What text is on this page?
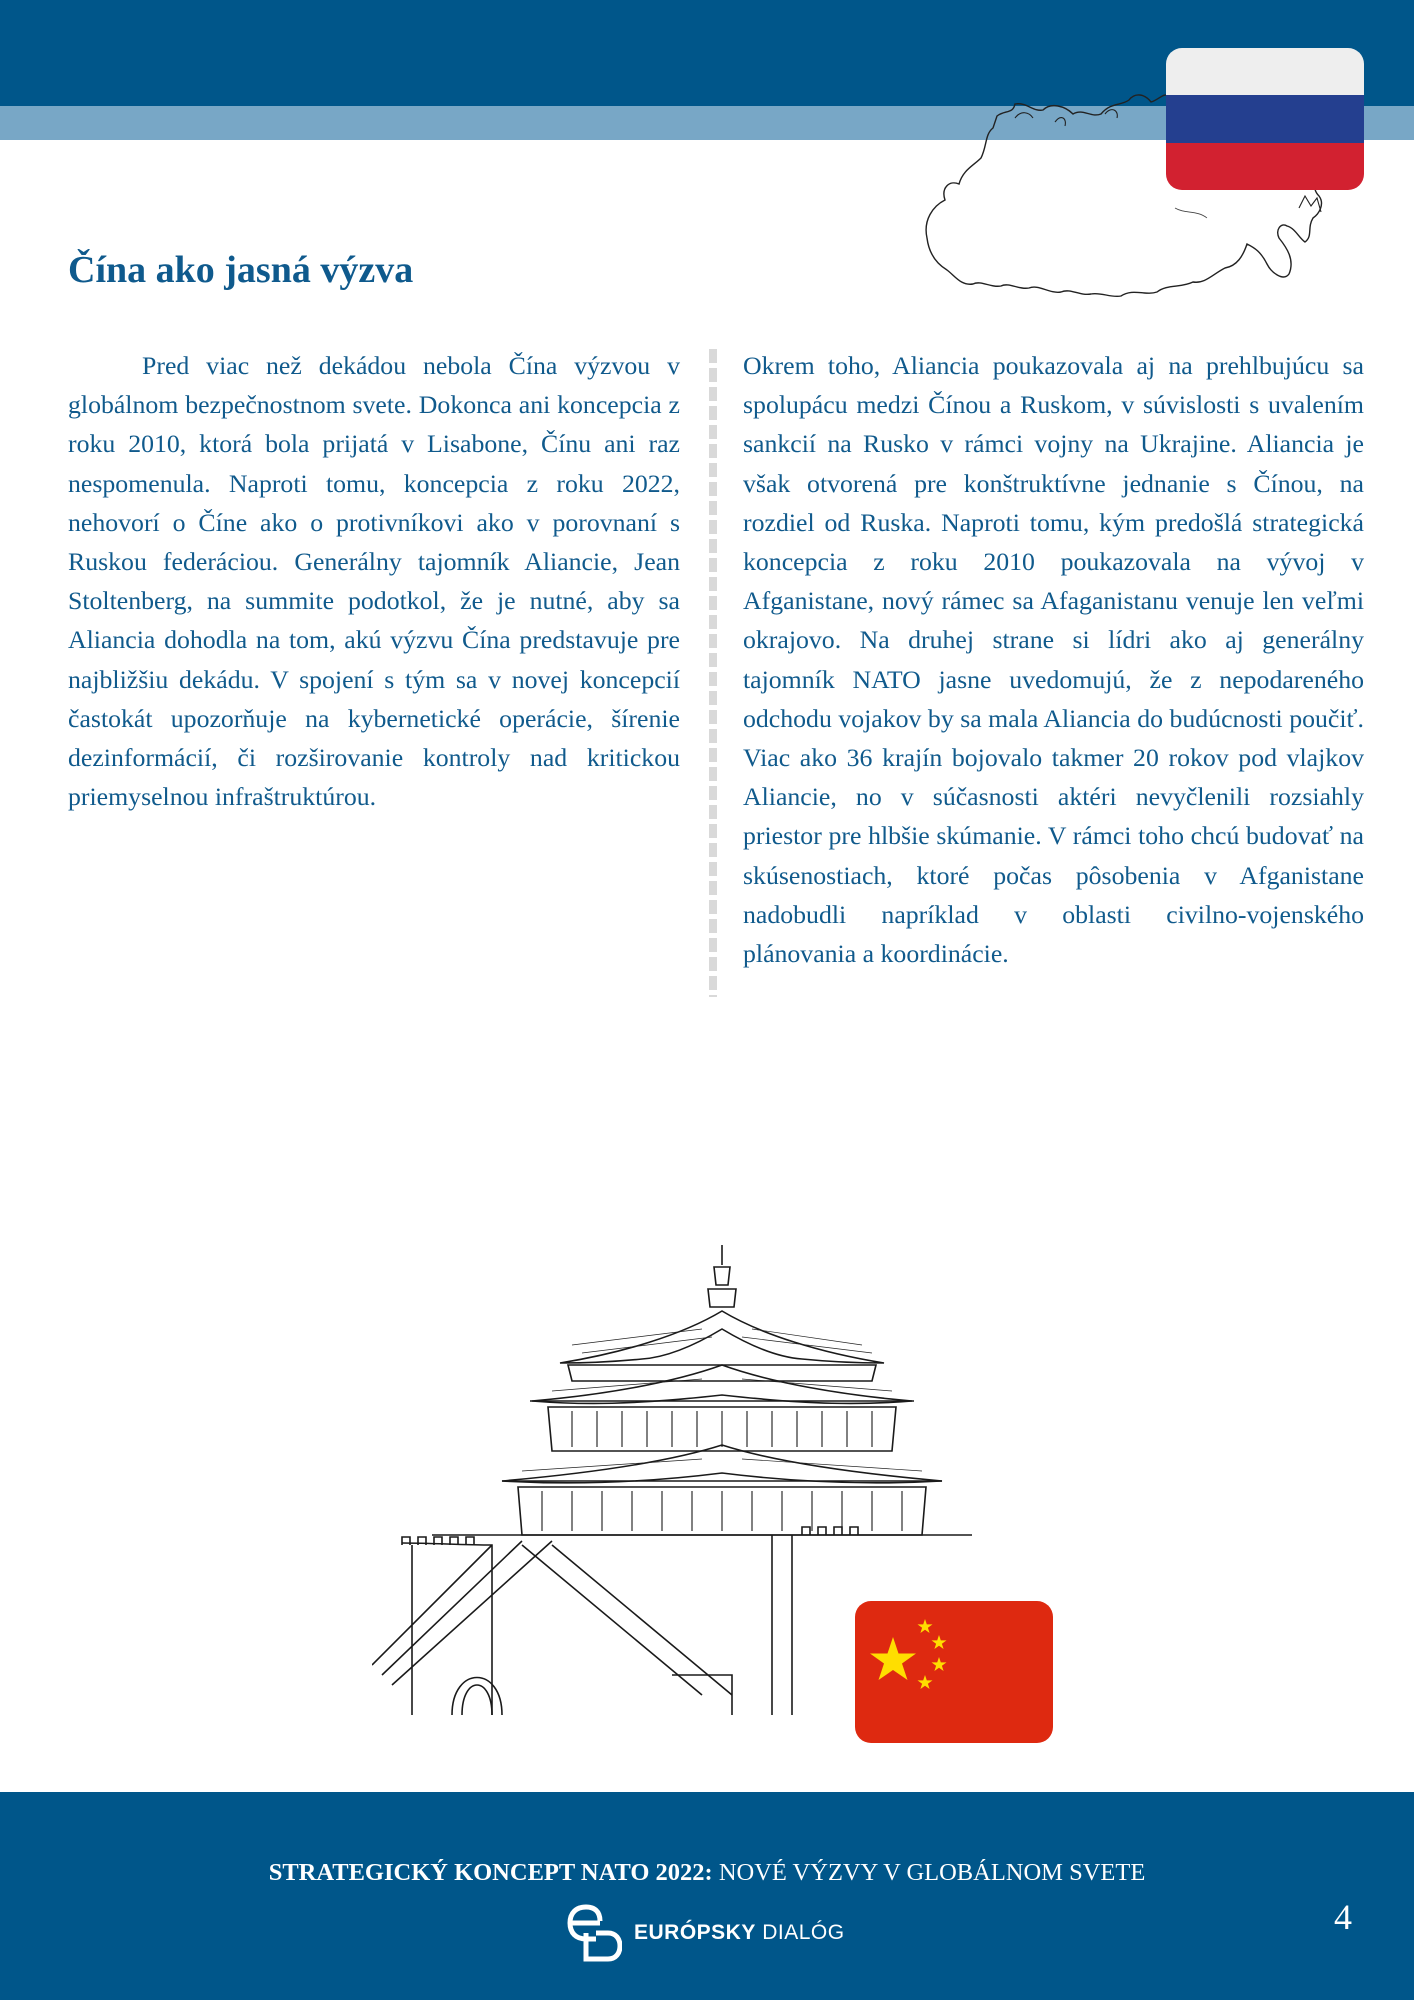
Čína ako jasná výzva

Pred viac než dekádou nebola Čína výzvou v globálnom bezpečnostnom svete. Dokonca ani koncepcia z roku 2010, ktorá bola prijatá v Lisabone, Čínu ani raz nespomenula. Naproti tomu, koncepcia z roku 2022, nehovorí o Číne ako o protivníkovi ako v porovnaní s Ruskou federáciou. Generálny tajomník Aliancie, Jean Stoltenberg, na summite podotkol, že je nutné, aby sa Aliancia dohodla na tom, akú výzvu Čína predstavuje pre najbližšiu dekádu. V spojení s tým sa v novej koncepcií častokát upozorňuje na kybernetické operácie, šírenie dezinformácií, či rozširovanie kontroly nad kritickou priemyselnou infraštruktúrou.

Okrem toho, Aliancia poukazovala aj na prehlbujúcu sa spolupácu medzi Čínou a Ruskom, v súvislosti s uvalením sankcií na Rusko v rámci vojny na Ukrajine. Aliancia je však otvorená pre konštruktívne jednanie s Čínou, na rozdiel od Ruska. Naproti tomu, kým predošlá strategická koncepcia z roku 2010 poukazovala na vývoj v Afganistane, nový rámec sa Afaganistanu venuje len veľmi okrajovo. Na druhej strane si lídri ako aj generálny tajomník NATO jasne uvedomujú, že z nepodareného odchodu vojakov by sa mala Aliancia do budúcnosti poučiť. Viac ako 36 krajín bojovalo takmer 20 rokov pod vlajkov Aliancie, no v súčasnosti aktéri nevyčlenili rozsiahly priestor pre hlbšie skúmanie. V rámci toho chcú budovať na skúsenostiach, ktoré počas pôsobenia v Afganistane nadobudli napríklad v oblasti civilno-vojenského plánovania a koordinácie.

STRATEGICKÝ KONCEPT NATO 2022: NOVÉ VÝZVY V GLOBÁLNOM SVETE
EURÓPSKY DIALÓG	4
